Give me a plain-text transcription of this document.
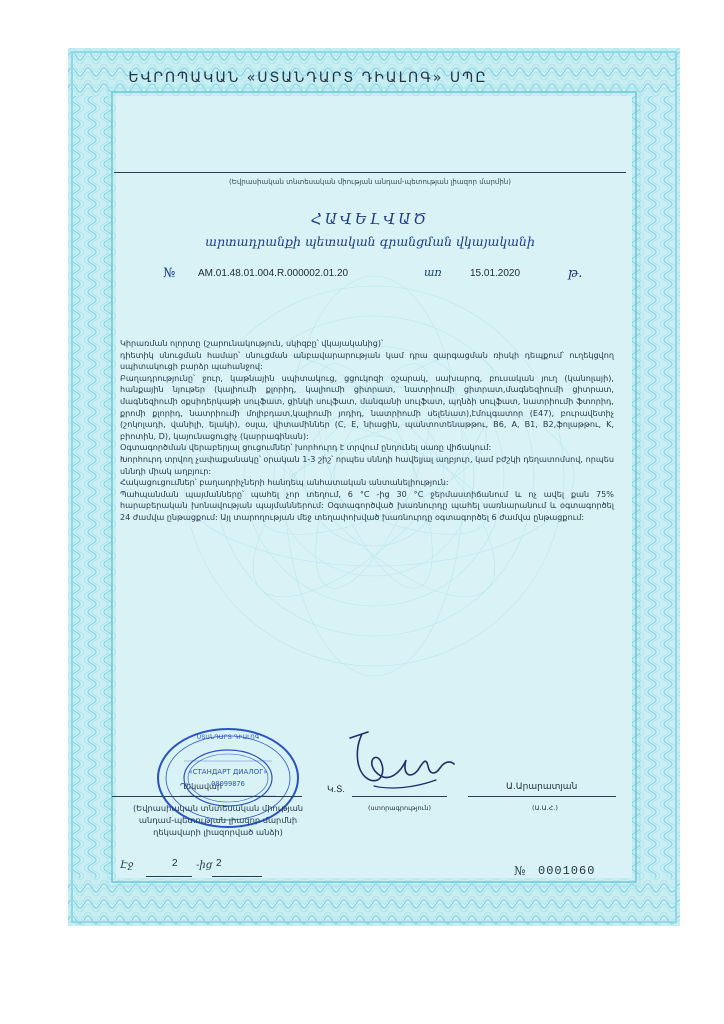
ԵՎՐՈՊԱԿԱՆ «ՍՏԱՆԴԱՐՏ ԴԻԱԼՈԳ» ՍՊԸ
(Եվրասիական տնտեսական միության անդամ-պետության լիազոր մարմին)
ՀԱՎԵԼՎԱԾ
արտադրանքի պետական գրանցման վկայականի
№ AM.01.48.01.004.R.000002.01.20	առ	15.01.2020	թ.

Կիրառման ոլորտը (շարունակություն, սկիզբը՝ վկայականից)՝

դիետիկ սնուցման համար՝ սնուցման անբավարարության կամ դրա զարգացման ռիսկի դեպքում՝ ուղեկցվող սպիտակուցի բարձր պահանջով:

Բաղադրությունը՝ ջուր, կաթնային սպիտակուց, ցցուկոզի օշարակ, սախարոզ, բուսական յուղ (կանոլայի), հանքային նյութեր (կալիումի քլորիդ, կալիումի ցիտրատ, նատրիումի ցիտրատ,մագնեզիումի ցիտրատ, մագնեզիումի օքսիդերկաթի սուլֆատ, ցինկի սուլֆատ, մանգանի սուլֆատ, պղնձի սուլֆատ, նատրիումի ֆտորիդ, քրոմի քլորիդ, նատրիումի մոլիբդատ,կալիումի յոդիդ, նատրիումի սելենատ),էմուլգատոր (E47), բուրավետիչ (շոկոլադի, վանիլի, ելակի), օսլա, վիտամիններ (C, E, նիացին, պանտոտենաթթու, B6, A, B1, B2,ֆոլաթթու, K, բիոտին, D), կայունացուցիչ (կարրագինան):

Օգտագործման վերաբերյալ ցուցումներ՝ խորհուրդ է տրվում ընդունել սառը վիճակում:

Խորհուրդ տրվող չափաքանակը՝ օրական 1-3 շիշ՝ որպես սննդի հավելյալ աղբյուր, կամ բժշկի դեղատոմսով, որպես սննդի միակ աղբյուր:

Հակացուցումներ՝ բաղադրիչների հանդեպ անհատական անտանելիություն:

Պահպանման պայմանները՝ պահել չոր տեղում, 6 °С -ից 30 °С ջերմաստիճանում և ոչ ավել քան 75% հարաբերական խոնավության պայմաններում: Օգտագործված խառնուրդը պահել սառնարանում և օգտագործել 24 ժամվա ընթացքում: Այլ տարողության մեջ տեղափոխված խառնուրդը օգտագործել 6 ժամվա ընթացքում:

ՍՏԱՆԴԱՐՏ ԴԻԱԼՈԳ
«СТАНДАРТ ДИАЛОГ»
00099876
Ղեկավար
(Եվրասիական տնտեսական միության անդամ-պետության լիազոր մարմնի ղեկավարի լիազորված անձի)
Կ.Տ.
(ստորագրություն)
Ա.Արարատյան
(Ա.Ա.Հ.)
Էջ	2 -ից 2
№ 0001060
